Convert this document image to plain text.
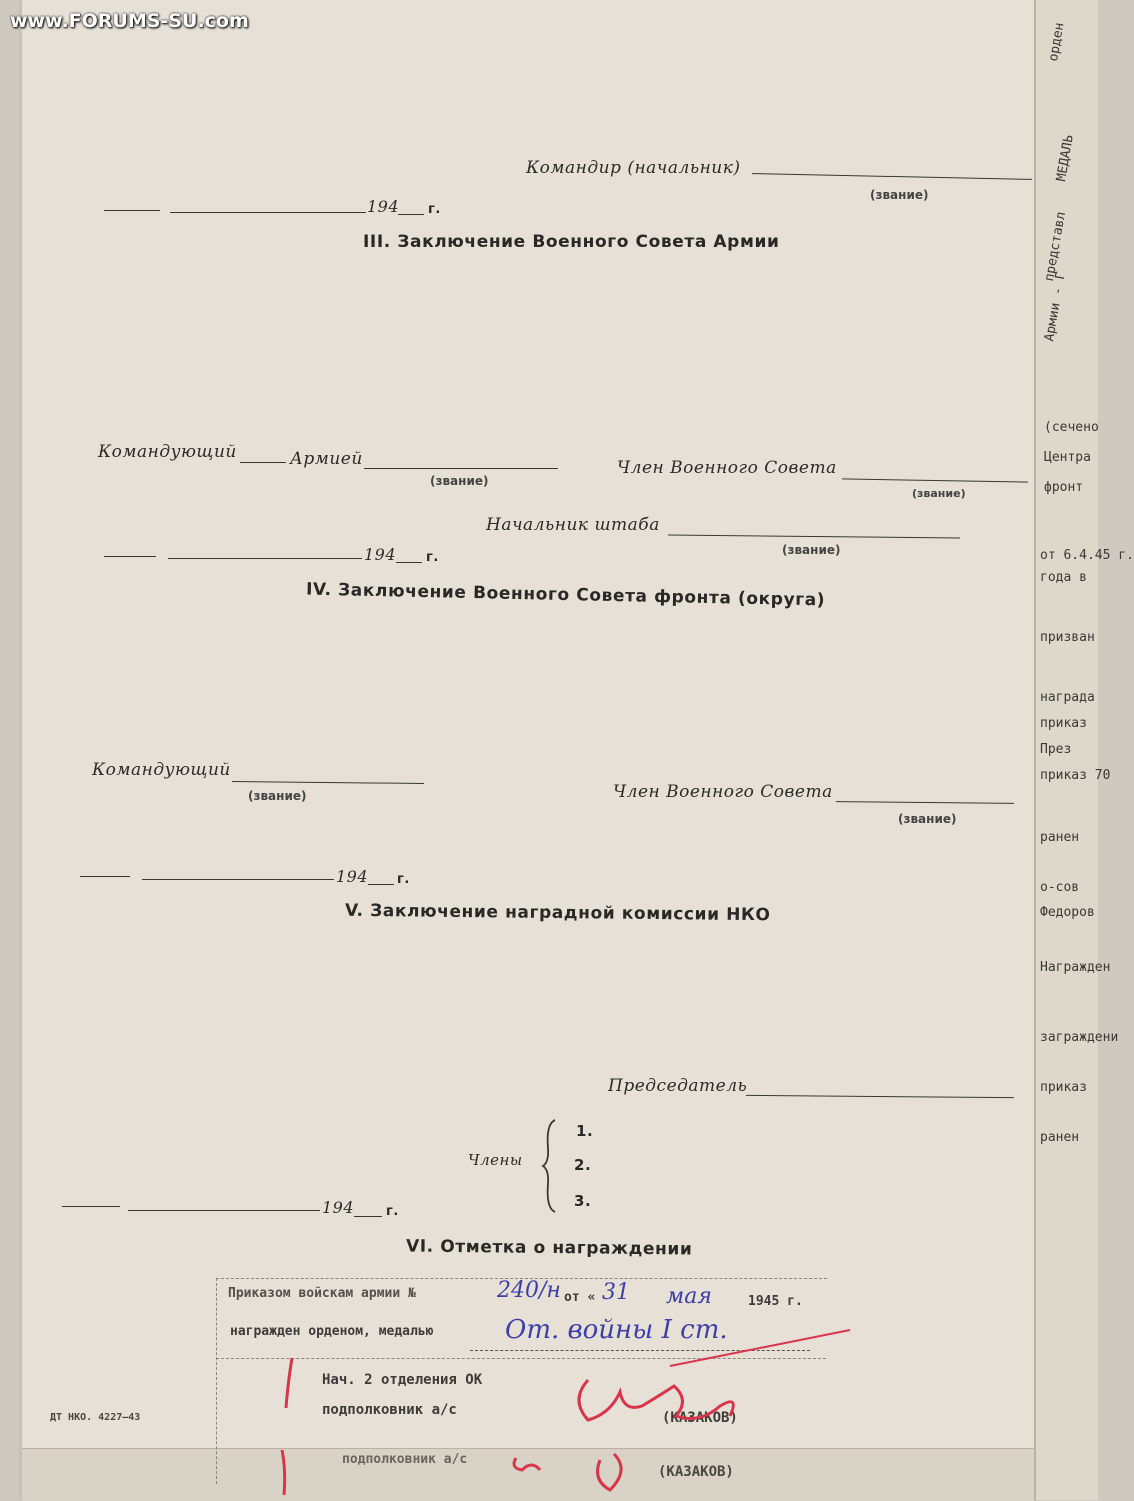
орден
МЕДАЛЬ
представл
Армии - Г
(сечено
Центра
фронт
от 6.4.45 г.
года в
призван
награда
приказ
През
приказ 70
ранен
о-сов
Федоров
Награжден
заграждени
приказ
ранен
www.FORUMS-SU.com
Командир (начальник)
(звание)
194 г.
III. Заключение Военного Совета Армии
Командующий	Армией
(звание)
Член Военного Совета
(звание)
Начальник штаба
(звание)
194 г.
IV. Заключение Военного Совета фронта (округа)
Командующий
(звание)	Член Военного Совета
(звание)
194 г.
V. Заключение наградной комиссии НКО
Председатель
Члены
1.
2.
3.
194 г.
VI. Отметка о награждении
Приказом войскам армии №	240/н от « 31 мая	1945 г.
награжден орденом, медалью	От. войны I ст.
Нач. 2 отделения ОК
подполковник а/с	(КАЗАКОВ)
подполковник а/с
(КАЗАКОВ)
ДТ НКО. 4227—43
